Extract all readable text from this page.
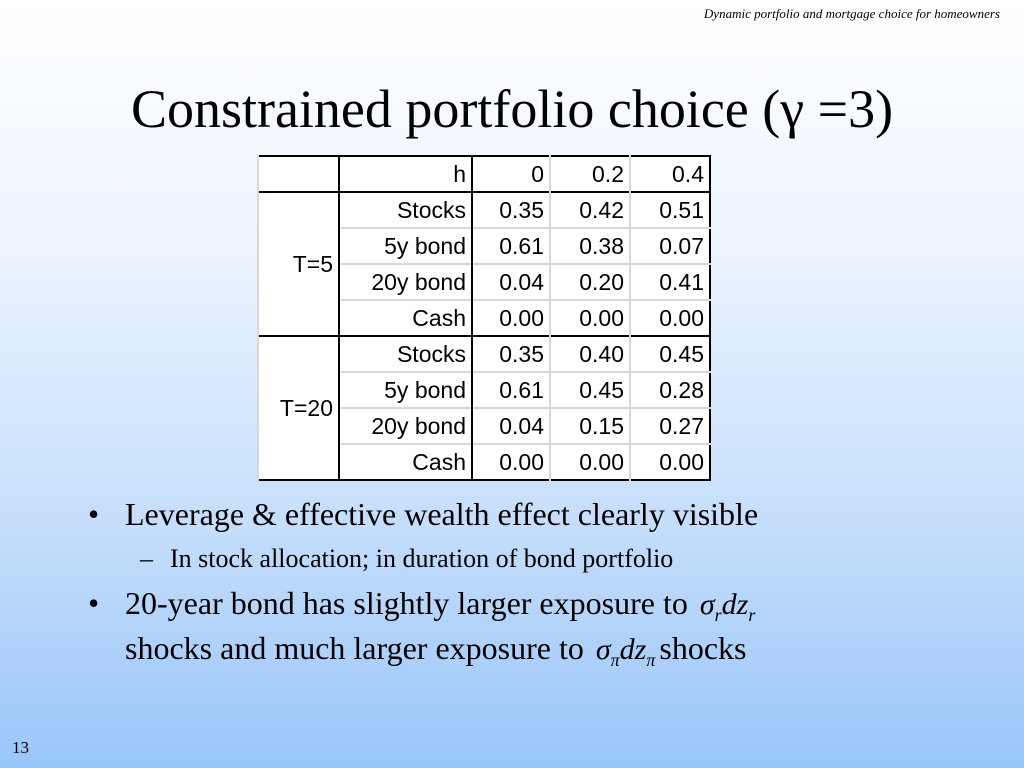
Dynamic portfolio and mortgage choice for homeowners
Constrained portfolio choice (γ =3)
	h	0	0.2	0.4
T=5	Stocks	0.35	0.42	0.51
	5y bond	0.61	0.38	0.07
	20y bond	0.04	0.20	0.41
	Cash	0.00	0.00	0.00
T=20	Stocks	0.35	0.40	0.45
	5y bond	0.61	0.45	0.28
	20y bond	0.04	0.15	0.27
	Cash	0.00	0.00	0.00
• Leverage & effective wealth effect clearly visible
– In stock allocation; in duration of bond portfolio
• 20-year bond has slightly larger exposure to $\sigma_rdz_r$
shocks and much larger exposure to $\sigma_\pi dz_\pi$ shocks
13
